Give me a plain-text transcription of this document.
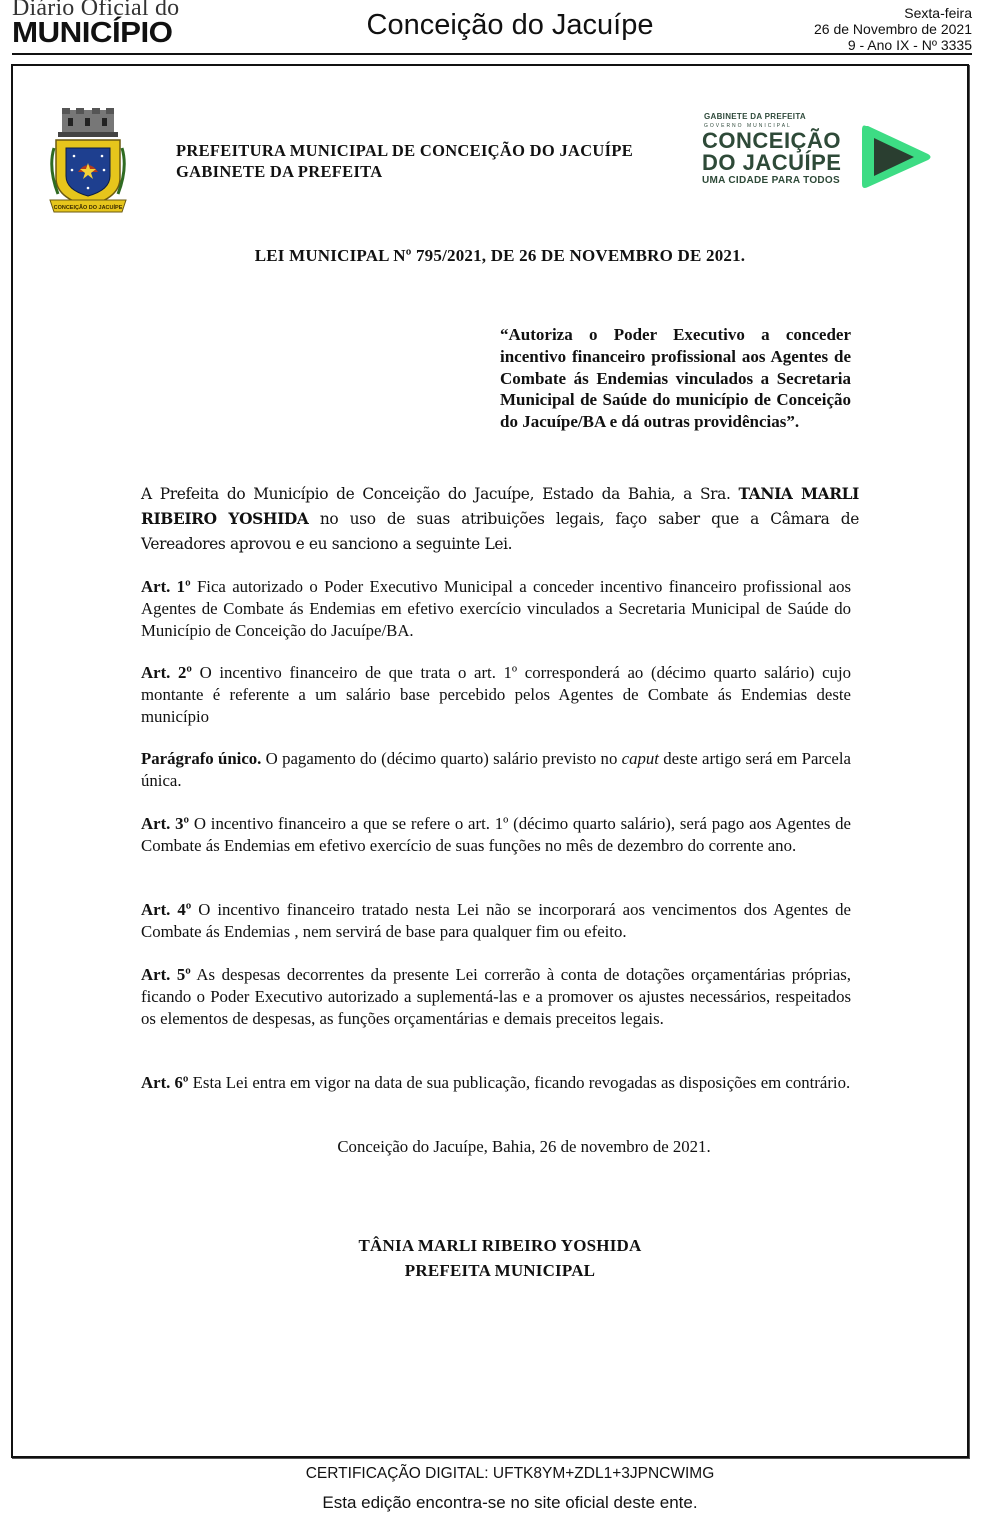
Diário Oficial do
MUNICÍPIO	Conceição do Jacuípe	Sexta-feira
26 de Novembro de 2021
9 - Ano IX - Nº 3335
CONCEIÇÃO DO JACUÍPE
PREFEITURA MUNICIPAL DE CONCEIÇÃO DO JACUÍPE
GABINETE DA PREFEITA
GABINETE DA PREFEITA
GOVERNO MUNICIPAL
CONCEIÇÃO
DO JACUÍPE
UMA CIDADE PARA TODOS
LEI MUNICIPAL Nº 795/2021, DE 26 DE NOVEMBRO DE 2021.
“Autoriza o Poder Executivo a conceder incentivo financeiro profissional aos Agentes de Combate ás Endemias vinculados a Secretaria Municipal de Saúde do município de Conceição do Jacuípe/BA e dá outras providências”.
A Prefeita do Município de Conceição do Jacuípe, Estado da Bahia, a Sra. TANIA MARLI RIBEIRO YOSHIDA no uso de suas atribuições legais, faço saber que a Câmara de Vereadores aprovou e eu sanciono a seguinte Lei.
Art. 1º Fica autorizado o Poder Executivo Municipal a conceder incentivo financeiro profissional aos Agentes de Combate ás Endemias em efetivo exercício vinculados a Secretaria Municipal de Saúde do Município de Conceição do Jacuípe/BA.
Art. 2º O incentivo financeiro de que trata o art. 1º corresponderá ao (décimo quarto salário) cujo montante é referente a um salário base percebido pelos Agentes de Combate ás Endemias deste município
Parágrafo único. O pagamento do (décimo quarto) salário previsto no caput deste artigo será em Parcela única.
Art. 3º O incentivo financeiro a que se refere o art. 1º (décimo quarto salário), será pago aos Agentes de Combate ás Endemias em efetivo exercício de suas funções no mês de dezembro do corrente ano.
Art. 4º O incentivo financeiro tratado nesta Lei não se incorporará aos vencimentos dos Agentes de Combate ás Endemias , nem servirá de base para qualquer fim ou efeito.
Art. 5º As despesas decorrentes da presente Lei correrão à conta de dotações orçamentárias próprias, ficando o Poder Executivo autorizado a suplementá-las e a promover os ajustes necessários, respeitados os elementos de despesas, as funções orçamentárias e demais preceitos legais.
Art. 6º Esta Lei entra em vigor na data de sua publicação, ficando revogadas as disposições em contrário.
Conceição do Jacuípe, Bahia, 26 de novembro de 2021.
TÂNIA MARLI RIBEIRO YOSHIDA
PREFEITA MUNICIPAL
CERTIFICAÇÃO DIGITAL: UFTK8YM+ZDL1+3JPNCWIMG
Esta edição encontra-se no site oficial deste ente.
